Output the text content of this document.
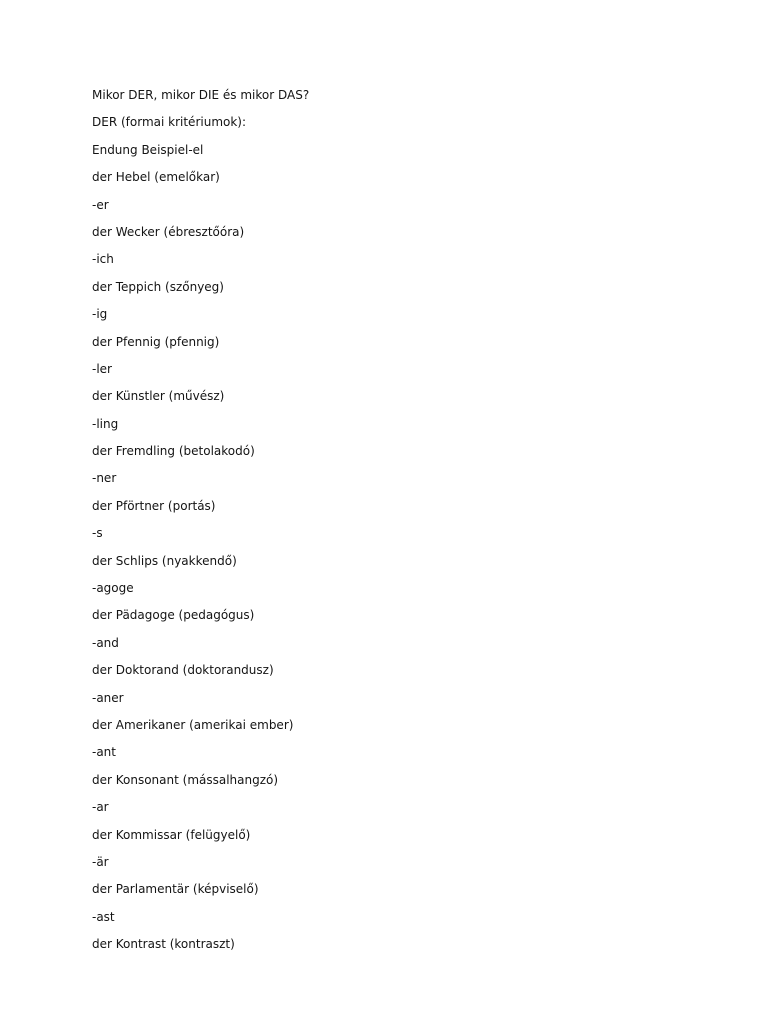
Mikor DER, mikor DIE és mikor DAS?
DER (formai kritériumok):
Endung Beispiel-el
der Hebel (emelőkar)
-er
der Wecker (ébresztőóra)
-ich
der Teppich (szőnyeg)
-ig
der Pfennig (pfennig)
-ler
der Künstler (művész)
-ling
der Fremdling (betolakodó)
-ner
der Pförtner (portás)
-s
der Schlips (nyakkendő)
-agoge
der Pädagoge (pedagógus)
-and
der Doktorand (doktorandusz)
-aner
der Amerikaner (amerikai ember)
-ant
der Konsonant (mássalhangzó)
-ar
der Kommissar (felügyelő)
-är
der Parlamentär (képviselő)
-ast
der Kontrast (kontraszt)
